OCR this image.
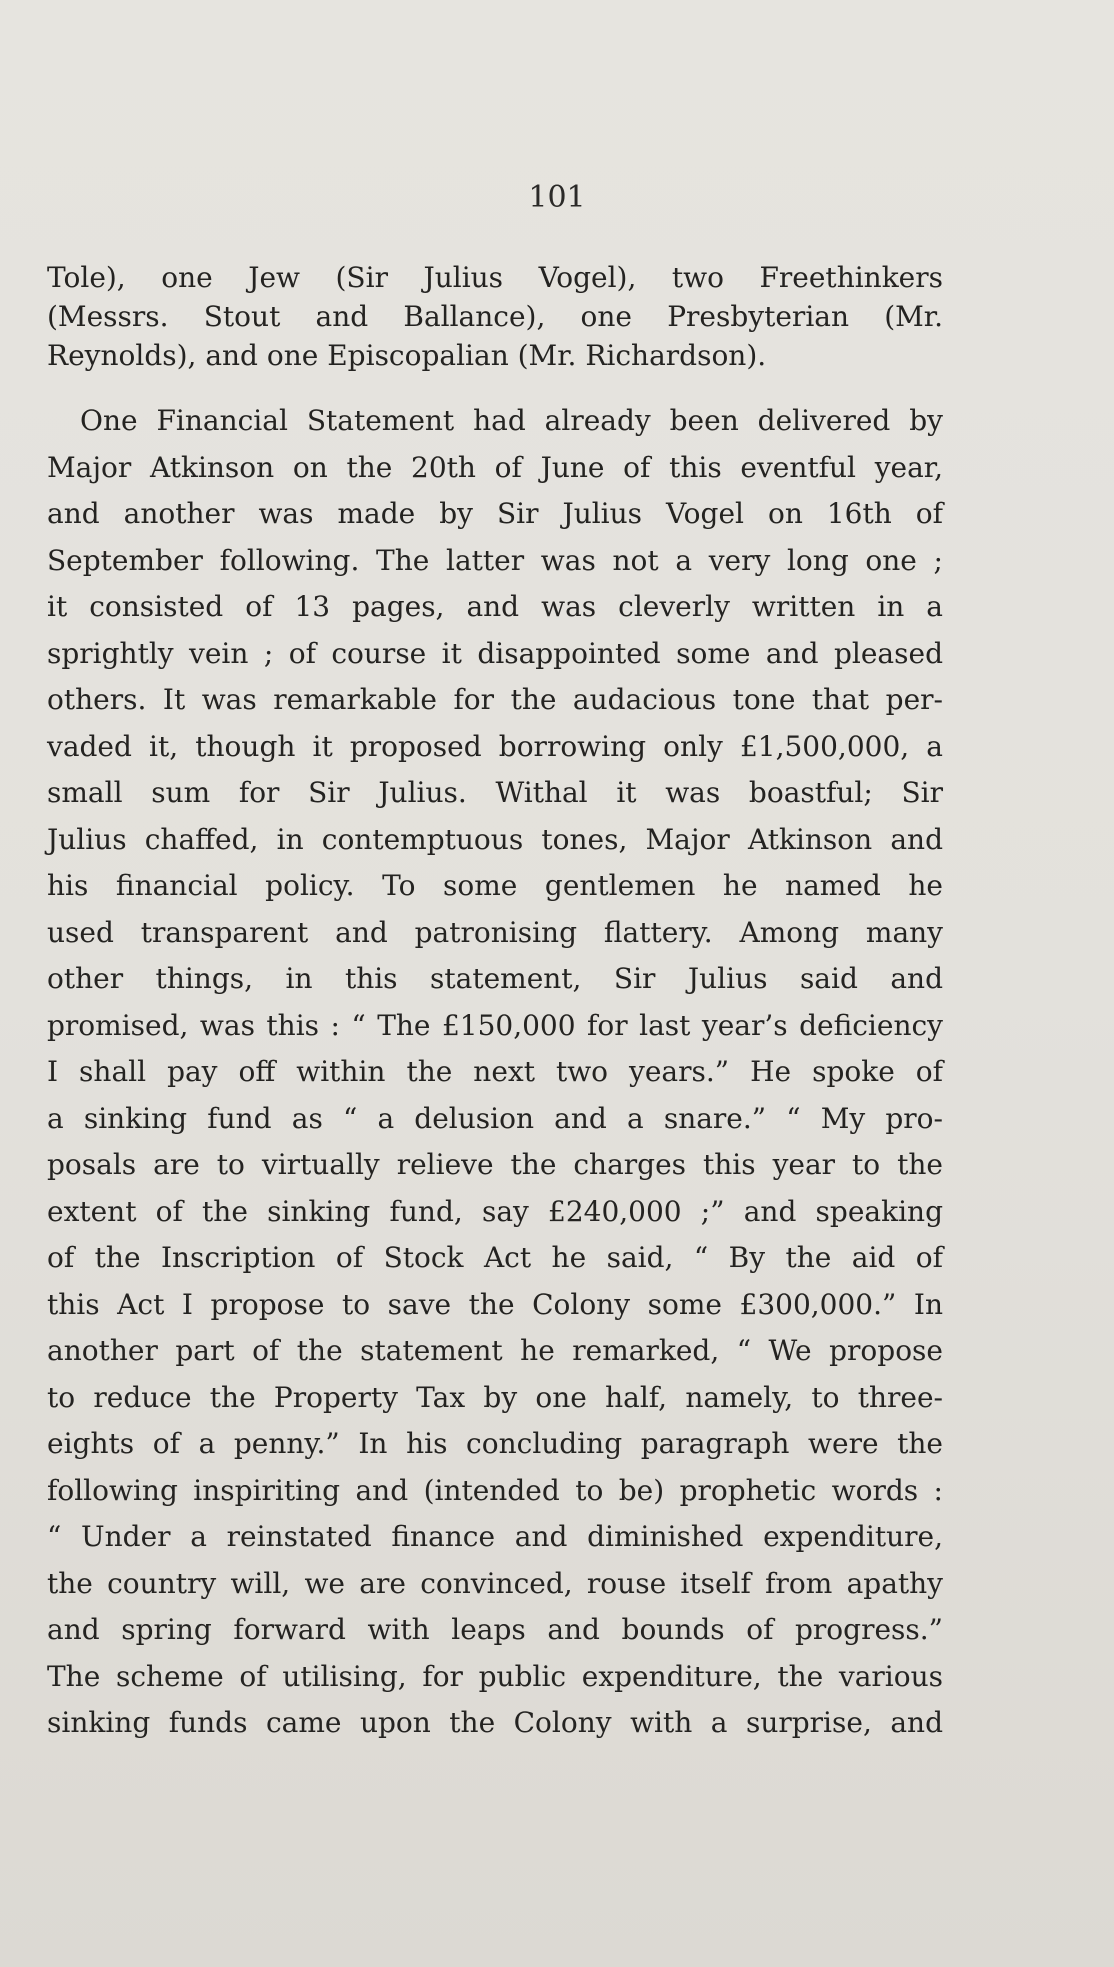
101
Tole), one Jew (Sir Julius Vogel), two Freethinkers
(Messrs. Stout and Ballance), one Presbyterian (Mr.
Reynolds), and one Episcopalian (Mr. Richardson).
One Financial Statement had already been delivered by
Major Atkinson on the 20th of June of this eventful year,
and another was made by Sir Julius Vogel on 16th of
September following. The latter was not a very long one ;
it consisted of 13 pages, and was cleverly written in a
sprightly vein ; of course it disappointed some and pleased
others. It was remarkable for the audacious tone that per-
vaded it, though it proposed borrowing only £1,500,000, a
small sum for Sir Julius. Withal it was boastful; Sir
Julius chaffed, in contemptuous tones, Major Atkinson and
his financial policy. To some gentlemen he named he
used transparent and patronising flattery. Among many
other things, in this statement, Sir Julius said and
promised, was this : “ The £150,000 for last year’s deficiency
I shall pay off within the next two years.” He spoke of
a sinking fund as “ a delusion and a snare.” “ My pro-
posals are to virtually relieve the charges this year to the
extent of the sinking fund, say £240,000 ;” and speaking
of the Inscription of Stock Act he said, “ By the aid of
this Act I propose to save the Colony some £300,000.” In
another part of the statement he remarked, “ We propose
to reduce the Property Tax by one half, namely, to three-
eights of a penny.” In his concluding paragraph were the
following inspiriting and (intended to be) prophetic words :
“ Under a reinstated finance and diminished expenditure,
the country will, we are convinced, rouse itself from apathy
and spring forward with leaps and bounds of progress.”
The scheme of utilising, for public expenditure, the various
sinking funds came upon the Colony with a surprise, and
